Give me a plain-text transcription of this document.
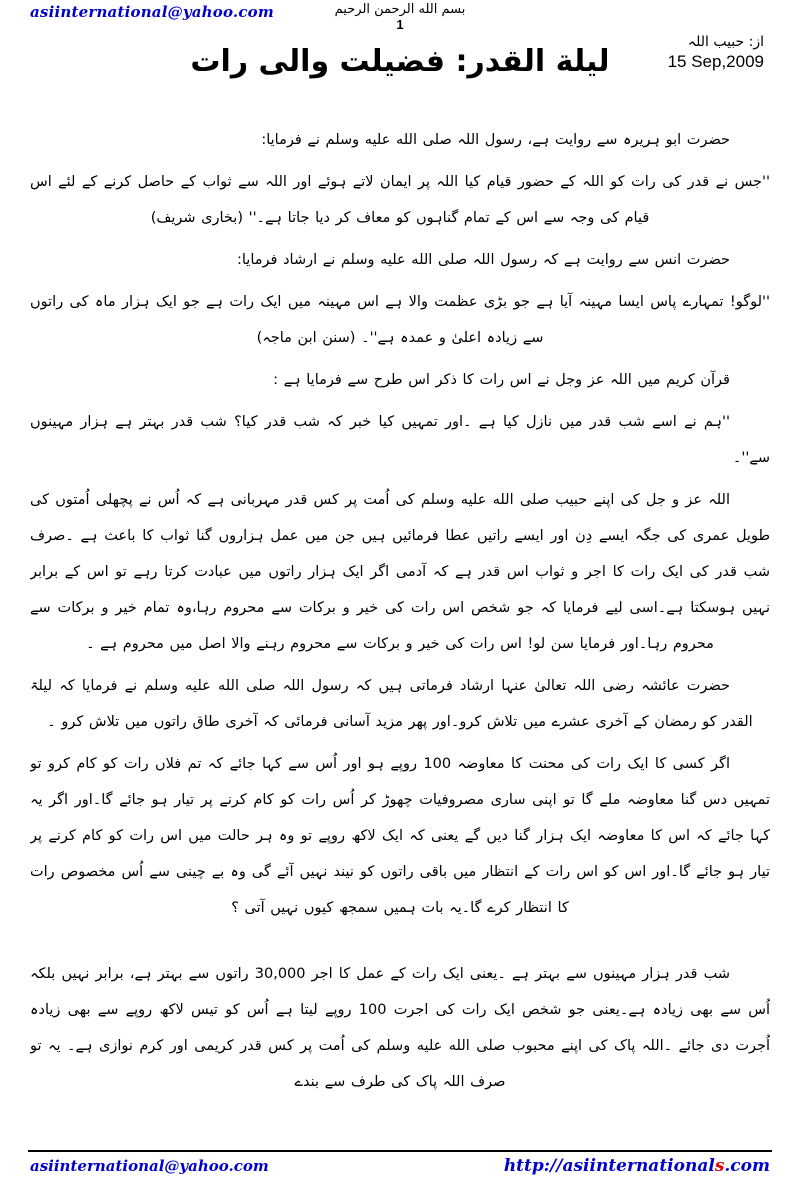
asiinternational@yahoo.com	بسم الله الرحمن الرحيم
1
از: حبیب اللہ
15 Sep,2009
لیلة القدر: فضیلت والی رات

حضرت ابو ہریرہ سے روایت ہے، رسول اللہ صلى الله عليه وسلم نے فرمایا:

''جس نے قدر کی رات کو اللہ کے حضور قیام کیا اللہ پر ایمان لاتے ہوئے اور اللہ سے ثواب کے حاصل کرنے کے لئے اس قیام کی وجہ سے اس کے تمام گناہوں کو معاف کر دیا جاتا ہے۔'' (بخاری شریف)

حضرت انس سے روایت ہے کہ رسول اللہ صلى الله عليه وسلم نے ارشاد فرمایا:

''لوگو! تمہارے پاس ایسا مہینہ آیا ہے جو بڑی عظمت والا ہے اس مہینہ میں ایک رات ہے جو ایک ہزار ماہ کی راتوں سے زیادہ اعلیٰ و عمدہ ہے''۔ (سنن ابن ماجہ)

قرآن کریم میں اللہ عز وجل نے اس رات کا ذکر اس طرح سے فرمایا ہے :

''ہم نے اسے شب قدر میں نازل کیا ہے ۔اور تمہیں کیا خبر کہ شب قدر کیا؟ شب قدر بہتر ہے ہزار مہینوں سے''۔

اللہ عز و جل کی اپنے حبیب صلى الله عليه وسلم کی اُمت پر کس قدر مہربانی ہے کہ اُس نے پچھلی اُمتوں کی طویل عمری کی جگہ ایسے دِن اور ایسے راتیں عطا فرمائیں ہیں جن میں عمل ہزاروں گنا ثواب کا باعث ہے ۔صرف شب قدر کی ایک رات کا اجر و ثواب اس قدر ہے کہ آدمی اگر ایک ہزار راتوں میں عبادت کرتا رہے تو اس کے برابر نہیں ہوسکتا ہے۔اسی لیے فرمایا کہ جو شخص اس رات کی خیر و برکات سے محروم رہا،وہ تمام خیر و برکات سے محروم رہا۔اور فرمایا سن لو! اس رات کی خیر و برکات سے محروم رہنے والا اصل میں محروم ہے ۔

حضرت عائشہ رضی اللہ تعالیٰ عنہا ارشاد فرماتی ہیں کہ رسول اللہ صلى الله عليه وسلم نے فرمایا کہ لیلۃ القدر کو رمضان کے آخری عشرے میں تلاش کرو۔اور پھر مزید آسانی فرمائی کہ آخری طاق راتوں میں تلاش کرو ۔

اگر کسی کا ایک رات کی محنت کا معاوضہ 100 روپے ہو اور اُس سے کہا جائے کہ تم فلاں رات کو کام کرو تو تمہیں دس گنا معاوضہ ملے گا تو اپنی ساری مصروفیات چھوڑ کر اُس رات کو کام کرنے پر تیار ہو جائے گا۔اور اگر یہ کہا جائے کہ اس کا معاوضہ ایک ہزار گنا دیں گے یعنی کہ ایک لاکھ روپے تو وہ ہر حالت میں اس رات کو کام کرنے پر تیار ہو جائے گا۔اور اس کو اس رات کے انتظار میں باقی راتوں کو نیند نہیں آئے گی وہ بے چینی سے اُس مخصوص رات کا انتظار کرے گا۔یہ بات ہمیں سمجھ کیوں نہیں آتی ؟

شب قدر ہزار مہینوں سے بہتر ہے ۔یعنی ایک رات کے عمل کا اجر 30,000 راتوں سے بہتر ہے، برابر نہیں بلکہ اُس سے بھی زیادہ ہے۔یعنی جو شخص ایک رات کی اجرت 100 روپے لیتا ہے اُس کو تیس لاکھ روپے سے بھی زیادہ اُجرت دی جائے ۔اللہ پاک کی اپنے محبوب صلى الله عليه وسلم کی اُمت پر کس قدر کریمی اور کرم نوازی ہے۔ یہ تو صرف اللہ پاک کی طرف سے بندے

asiinternational@yahoo.com	http://asiinternationals.com
